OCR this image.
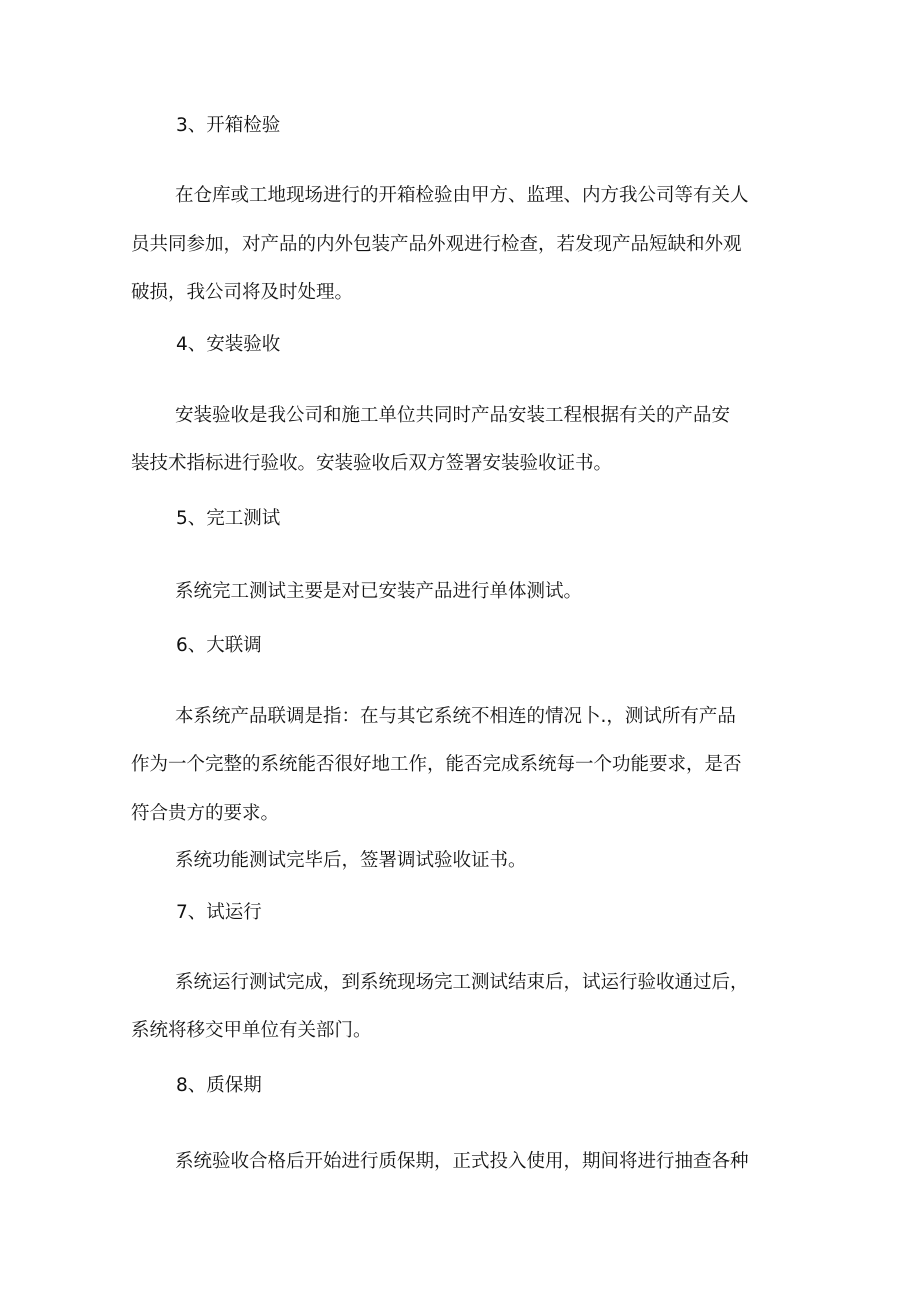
3、开箱检验
在仓库或工地现场进行的开箱检验由甲方、监理、内方我公司等有关人
员共同参加，对产品的内外包装产品外观进行检查，若发现产品短缺和外观
破损，我公司将及时处理。
4、安装验收
安装验收是我公司和施工单位共同时产品安装工程根据有关的产品安
装技术指标进行验收。安装验收后双方签署安装验收证书。
5、完工测试
系统完工测试主要是对已安装产品进行单体测试。
6、大联调
本系统产品联调是指：在与其它系统不相连的情况卜.，测试所有产品
作为一个完整的系统能否很好地工作，能否完成系统每一个功能要求，是否
符合贵方的要求。
系统功能测试完毕后，签署调试验收证书。
7、试运行
系统运行测试完成，到系统现场完工测试结束后，试运行验收通过后，
系统将移交甲单位有关部门。
8、质保期
系统验收合格后开始进行质保期，正式投入使用，期间将进行抽查各种
